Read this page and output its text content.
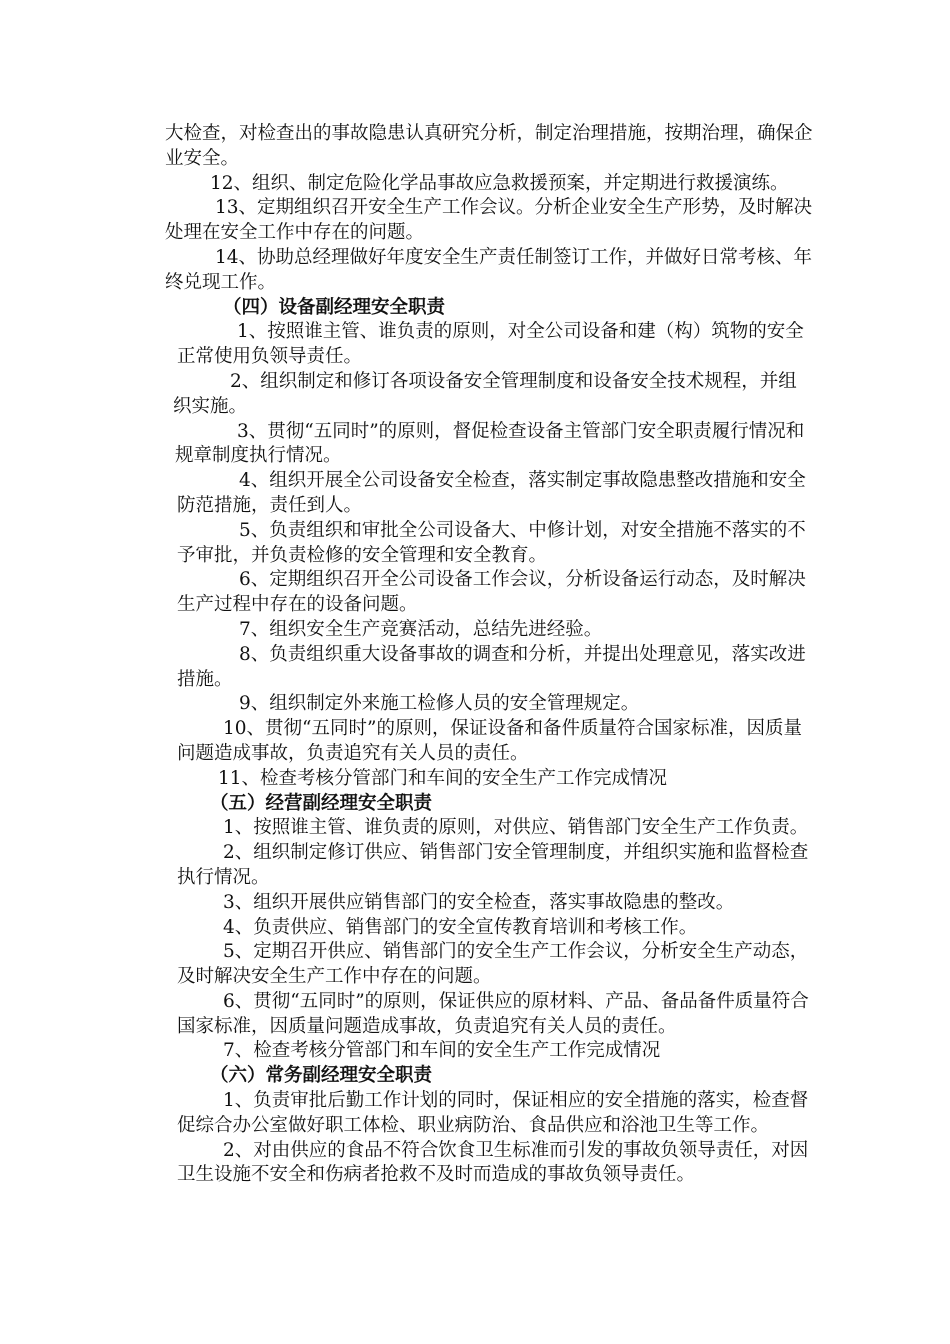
大检查，对检查出的事故隐患认真研究分析，制定治理措施，按期治理，确保企业安全。

12、组织、制定危险化学品事故应急救援预案，并定期进行救援演练。

13、定期组织召开安全生产工作会议。分析企业安全生产形势，及时解决处理在安全工作中存在的问题。

14、协助总经理做好年度安全生产责任制签订工作，并做好日常考核、年终兑现工作。

（四）设备副经理安全职责

1、按照谁主管、谁负责的原则，对全公司设备和建（构）筑物的安全正常使用负领导责任。

2、组织制定和修订各项设备安全管理制度和设备安全技术规程，并组织实施。

3、贯彻“五同时”的原则，督促检查设备主管部门安全职责履行情况和规章制度执行情况。

4、组织开展全公司设备安全检查，落实制定事故隐患整改措施和安全防范措施，责任到人。

5、负责组织和审批全公司设备大、中修计划，对安全措施不落实的不予审批，并负责检修的安全管理和安全教育。

6、定期组织召开全公司设备工作会议，分析设备运行动态，及时解决生产过程中存在的设备问题。

7、组织安全生产竞赛活动，总结先进经验。

8、负责组织重大设备事故的调查和分析，并提出处理意见，落实改进措施。

9、组织制定外来施工检修人员的安全管理规定。

10、贯彻“五同时”的原则，保证设备和备件质量符合国家标准，因质量问题造成事故，负责追究有关人员的责任。

11、检查考核分管部门和车间的安全生产工作完成情况

（五）经营副经理安全职责

1、按照谁主管、谁负责的原则，对供应、销售部门安全生产工作负责。

2、组织制定修订供应、销售部门安全管理制度，并组织实施和监督检查执行情况。

3、组织开展供应销售部门的安全检查，落实事故隐患的整改。

4、负责供应、销售部门的安全宣传教育培训和考核工作。

5、定期召开供应、销售部门的安全生产工作会议，分析安全生产动态，及时解决安全生产工作中存在的问题。

6、贯彻“五同时”的原则，保证供应的原材料、产品、备品备件质量符合国家标准，因质量问题造成事故，负责追究有关人员的责任。

7、检查考核分管部门和车间的安全生产工作完成情况

（六）常务副经理安全职责

1、负责审批后勤工作计划的同时，保证相应的安全措施的落实，检查督促综合办公室做好职工体检、职业病防治、食品供应和浴池卫生等工作。

2、对由供应的食品不符合饮食卫生标准而引发的事故负领导责任，对因卫生设施不安全和伤病者抢救不及时而造成的事故负领导责任。
